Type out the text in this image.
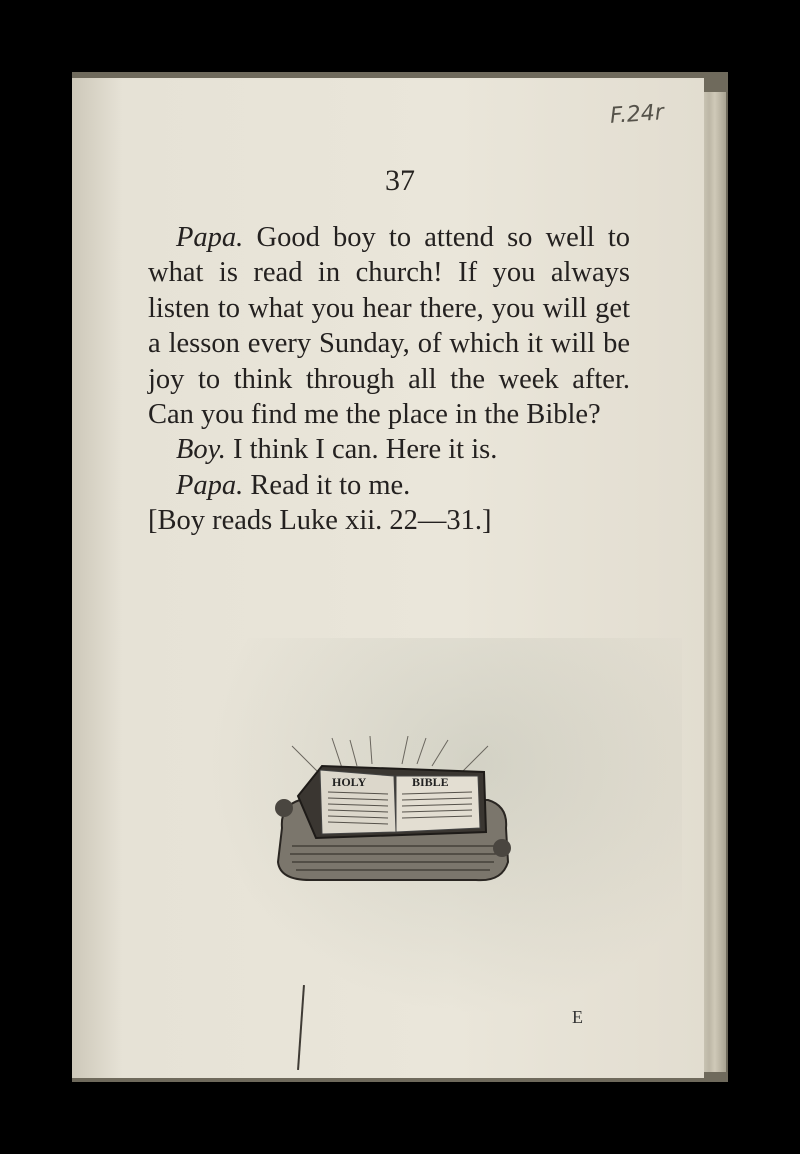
F.24r
37

Papa. Good boy to attend so well to what is read in church! If you always listen to what you hear there, you will get a lesson every Sunday, of which it will be joy to think through all the week after. Can you find me the place in the Bible?

Boy. I think I can. Here it is.
Papa. Read it to me.
[Boy reads Luke xii. 22—31.]
HOLY	BIBLE
E
